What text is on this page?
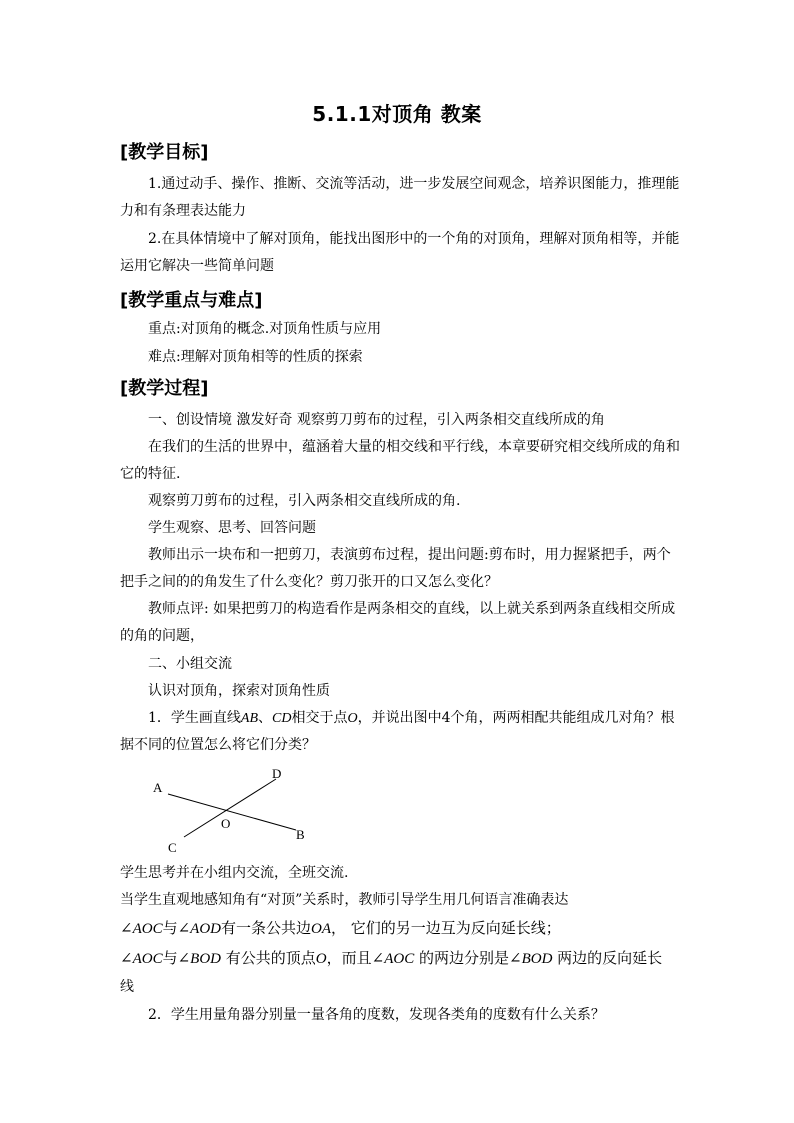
5.1.1对顶角 教案
[教学目标]
1.通过动手、操作、推断、交流等活动，进一步发展空间观念，培养识图能力，推理能
力和有条理表达能力
2.在具体情境中了解对顶角，能找出图形中的一个角的对顶角，理解对顶角相等，并能
运用它解决一些简单问题
[教学重点与难点]
重点:对顶角的概念.对顶角性质与应用
难点:理解对顶角相等的性质的探索
[教学过程]
一、创设情境 激发好奇 观察剪刀剪布的过程，引入两条相交直线所成的角
在我们的生活的世界中，蕴涵着大量的相交线和平行线，本章要研究相交线所成的角和
它的特征.
观察剪刀剪布的过程，引入两条相交直线所成的角.
学生观察、思考、回答问题
教师出示一块布和一把剪刀，表演剪布过程，提出问题:剪布时，用力握紧把手，两个
把手之间的的角发生了什么变化？剪刀张开的口又怎么变化？
教师点评: 如果把剪刀的构造看作是两条相交的直线，以上就关系到两条直线相交所成
的角的问题，
二、小组交流
认识对顶角，探索对顶角性质
1．学生画直线AB、CD相交于点O，并说出图中4个角，两两相配共能组成几对角？根
据不同的位置怎么将它们分类？
A
B
C
D
O
学生思考并在小组内交流，全班交流.
当学生直观地感知角有“对顶”关系时，教师引导学生用几何语言准确表达
∠AOC与∠AOD有一条公共边OA， 它们的另一边互为反向延长线；
∠AOC与∠BOD 有公共的顶点O，而且∠AOC 的两边分别是∠BOD 两边的反向延长
线
2．学生用量角器分别量一量各角的度数，发现各类角的度数有什么关系？
